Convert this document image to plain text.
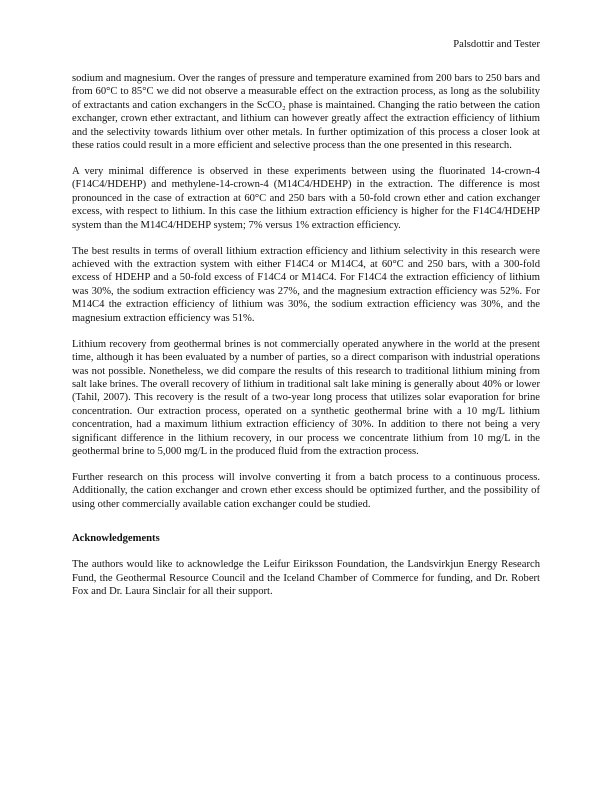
Palsdottir and Tester

sodium and magnesium. Over the ranges of pressure and temperature examined from 200 bars to 250 bars and from 60°C to 85°C we did not observe a measurable effect on the extraction process, as long as the solubility of extractants and cation exchangers in the ScCO₂ phase is maintained. Changing the ratio between the cation exchanger, crown ether extractant, and lithium can however greatly affect the extraction efficiency of lithium and the selectivity towards lithium over other metals. In further optimization of this process a closer look at these ratios could result in a more efficient and selective process than the one presented in this research.

A very minimal difference is observed in these experiments between using the fluorinated 14-crown-4 (F14C4/HDEHP) and methylene-14-crown-4 (M14C4/HDEHP) in the extraction. The difference is most pronounced in the case of extraction at 60°C and 250 bars with a 50-fold crown ether and cation exchanger excess, with respect to lithium. In this case the lithium extraction efficiency is higher for the F14C4/HDEHP system than the M14C4/HDEHP system; 7% versus 1% extraction efficiency.

The best results in terms of overall lithium extraction efficiency and lithium selectivity in this research were achieved with the extraction system with either F14C4 or M14C4, at 60°C and 250 bars, with a 300-fold excess of HDEHP and a 50-fold excess of F14C4 or M14C4. For F14C4 the extraction efficiency of lithium was 30%, the sodium extraction efficiency was 27%, and the magnesium extraction efficiency was 52%. For M14C4 the extraction efficiency of lithium was 30%, the sodium extraction efficiency was 30%, and the magnesium extraction efficiency was 51%.

Lithium recovery from geothermal brines is not commercially operated anywhere in the world at the present time, although it has been evaluated by a number of parties, so a direct comparison with industrial operations was not possible. Nonetheless, we did compare the results of this research to traditional lithium mining from salt lake brines. The overall recovery of lithium in traditional salt lake mining is generally about 40% or lower (Tahil, 2007). This recovery is the result of a two-year long process that utilizes solar evaporation for brine concentration. Our extraction process, operated on a synthetic geothermal brine with a 10 mg/L lithium concentration, had a maximum lithium extraction efficiency of 30%. In addition to there not being a very significant difference in the lithium recovery, in our process we concentrate lithium from 10 mg/L in the geothermal brine to 5,000 mg/L in the produced fluid from the extraction process.

Further research on this process will involve converting it from a batch process to a continuous process. Additionally, the cation exchanger and crown ether excess should be optimized further, and the possibility of using other commercially available cation exchanger could be studied.

Acknowledgements

The authors would like to acknowledge the Leifur Eiriksson Foundation, the Landsvirkjun Energy Research Fund, the Geothermal Resource Council and the Iceland Chamber of Commerce for funding, and Dr. Robert Fox and Dr. Laura Sinclair for all their support.
